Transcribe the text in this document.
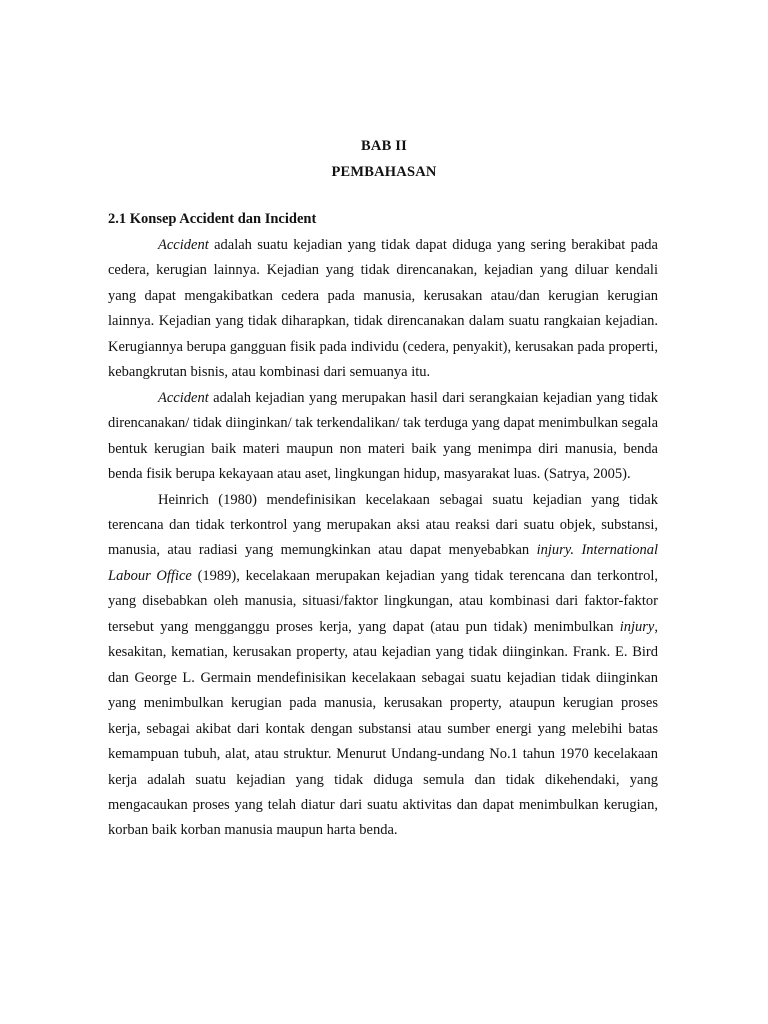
BAB II
PEMBAHASAN
2.1 Konsep Accident dan Incident

Accident adalah suatu kejadian yang tidak dapat diduga yang sering berakibat pada cedera, kerugian lainnya. Kejadian yang tidak direncanakan, kejadian yang diluar kendali yang dapat mengakibatkan cedera pada manusia, kerusakan atau/dan kerugian kerugian lainnya. Kejadian yang tidak diharapkan, tidak direncanakan dalam suatu rangkaian kejadian. Kerugiannya berupa gangguan fisik pada individu (cedera, penyakit), kerusakan pada properti, kebangkrutan bisnis, atau kombinasi dari semuanya itu.

Accident adalah kejadian yang merupakan hasil dari serangkaian kejadian yang tidak direncanakan/ tidak diinginkan/ tak terkendalikan/ tak terduga yang dapat menimbulkan segala bentuk kerugian baik materi maupun non materi baik yang menimpa diri manusia, benda benda fisik berupa kekayaan atau aset, lingkungan hidup, masyarakat luas. (Satrya, 2005).

Heinrich (1980) mendefinisikan kecelakaan sebagai suatu kejadian yang tidak terencana dan tidak terkontrol yang merupakan aksi atau reaksi dari suatu objek, substansi, manusia, atau radiasi yang memungkinkan atau dapat menyebabkan injury. International Labour Office (1989), kecelakaan merupakan kejadian yang tidak terencana dan terkontrol, yang disebabkan oleh manusia, situasi/faktor lingkungan, atau kombinasi dari faktor-faktor tersebut yang mengganggu proses kerja, yang dapat (atau pun tidak) menimbulkan injury, kesakitan, kematian, kerusakan property, atau kejadian yang tidak diinginkan. Frank. E. Bird dan George L. Germain mendefinisikan kecelakaan sebagai suatu kejadian tidak diinginkan yang menimbulkan kerugian pada manusia, kerusakan property, ataupun kerugian proses kerja, sebagai akibat dari kontak dengan substansi atau sumber energi yang melebihi batas kemampuan tubuh, alat, atau struktur. Menurut Undang-undang No.1 tahun 1970 kecelakaan kerja adalah suatu kejadian yang tidak diduga semula dan tidak dikehendaki, yang mengacaukan proses yang telah diatur dari suatu aktivitas dan dapat menimbulkan kerugian, korban baik korban manusia maupun harta benda.
